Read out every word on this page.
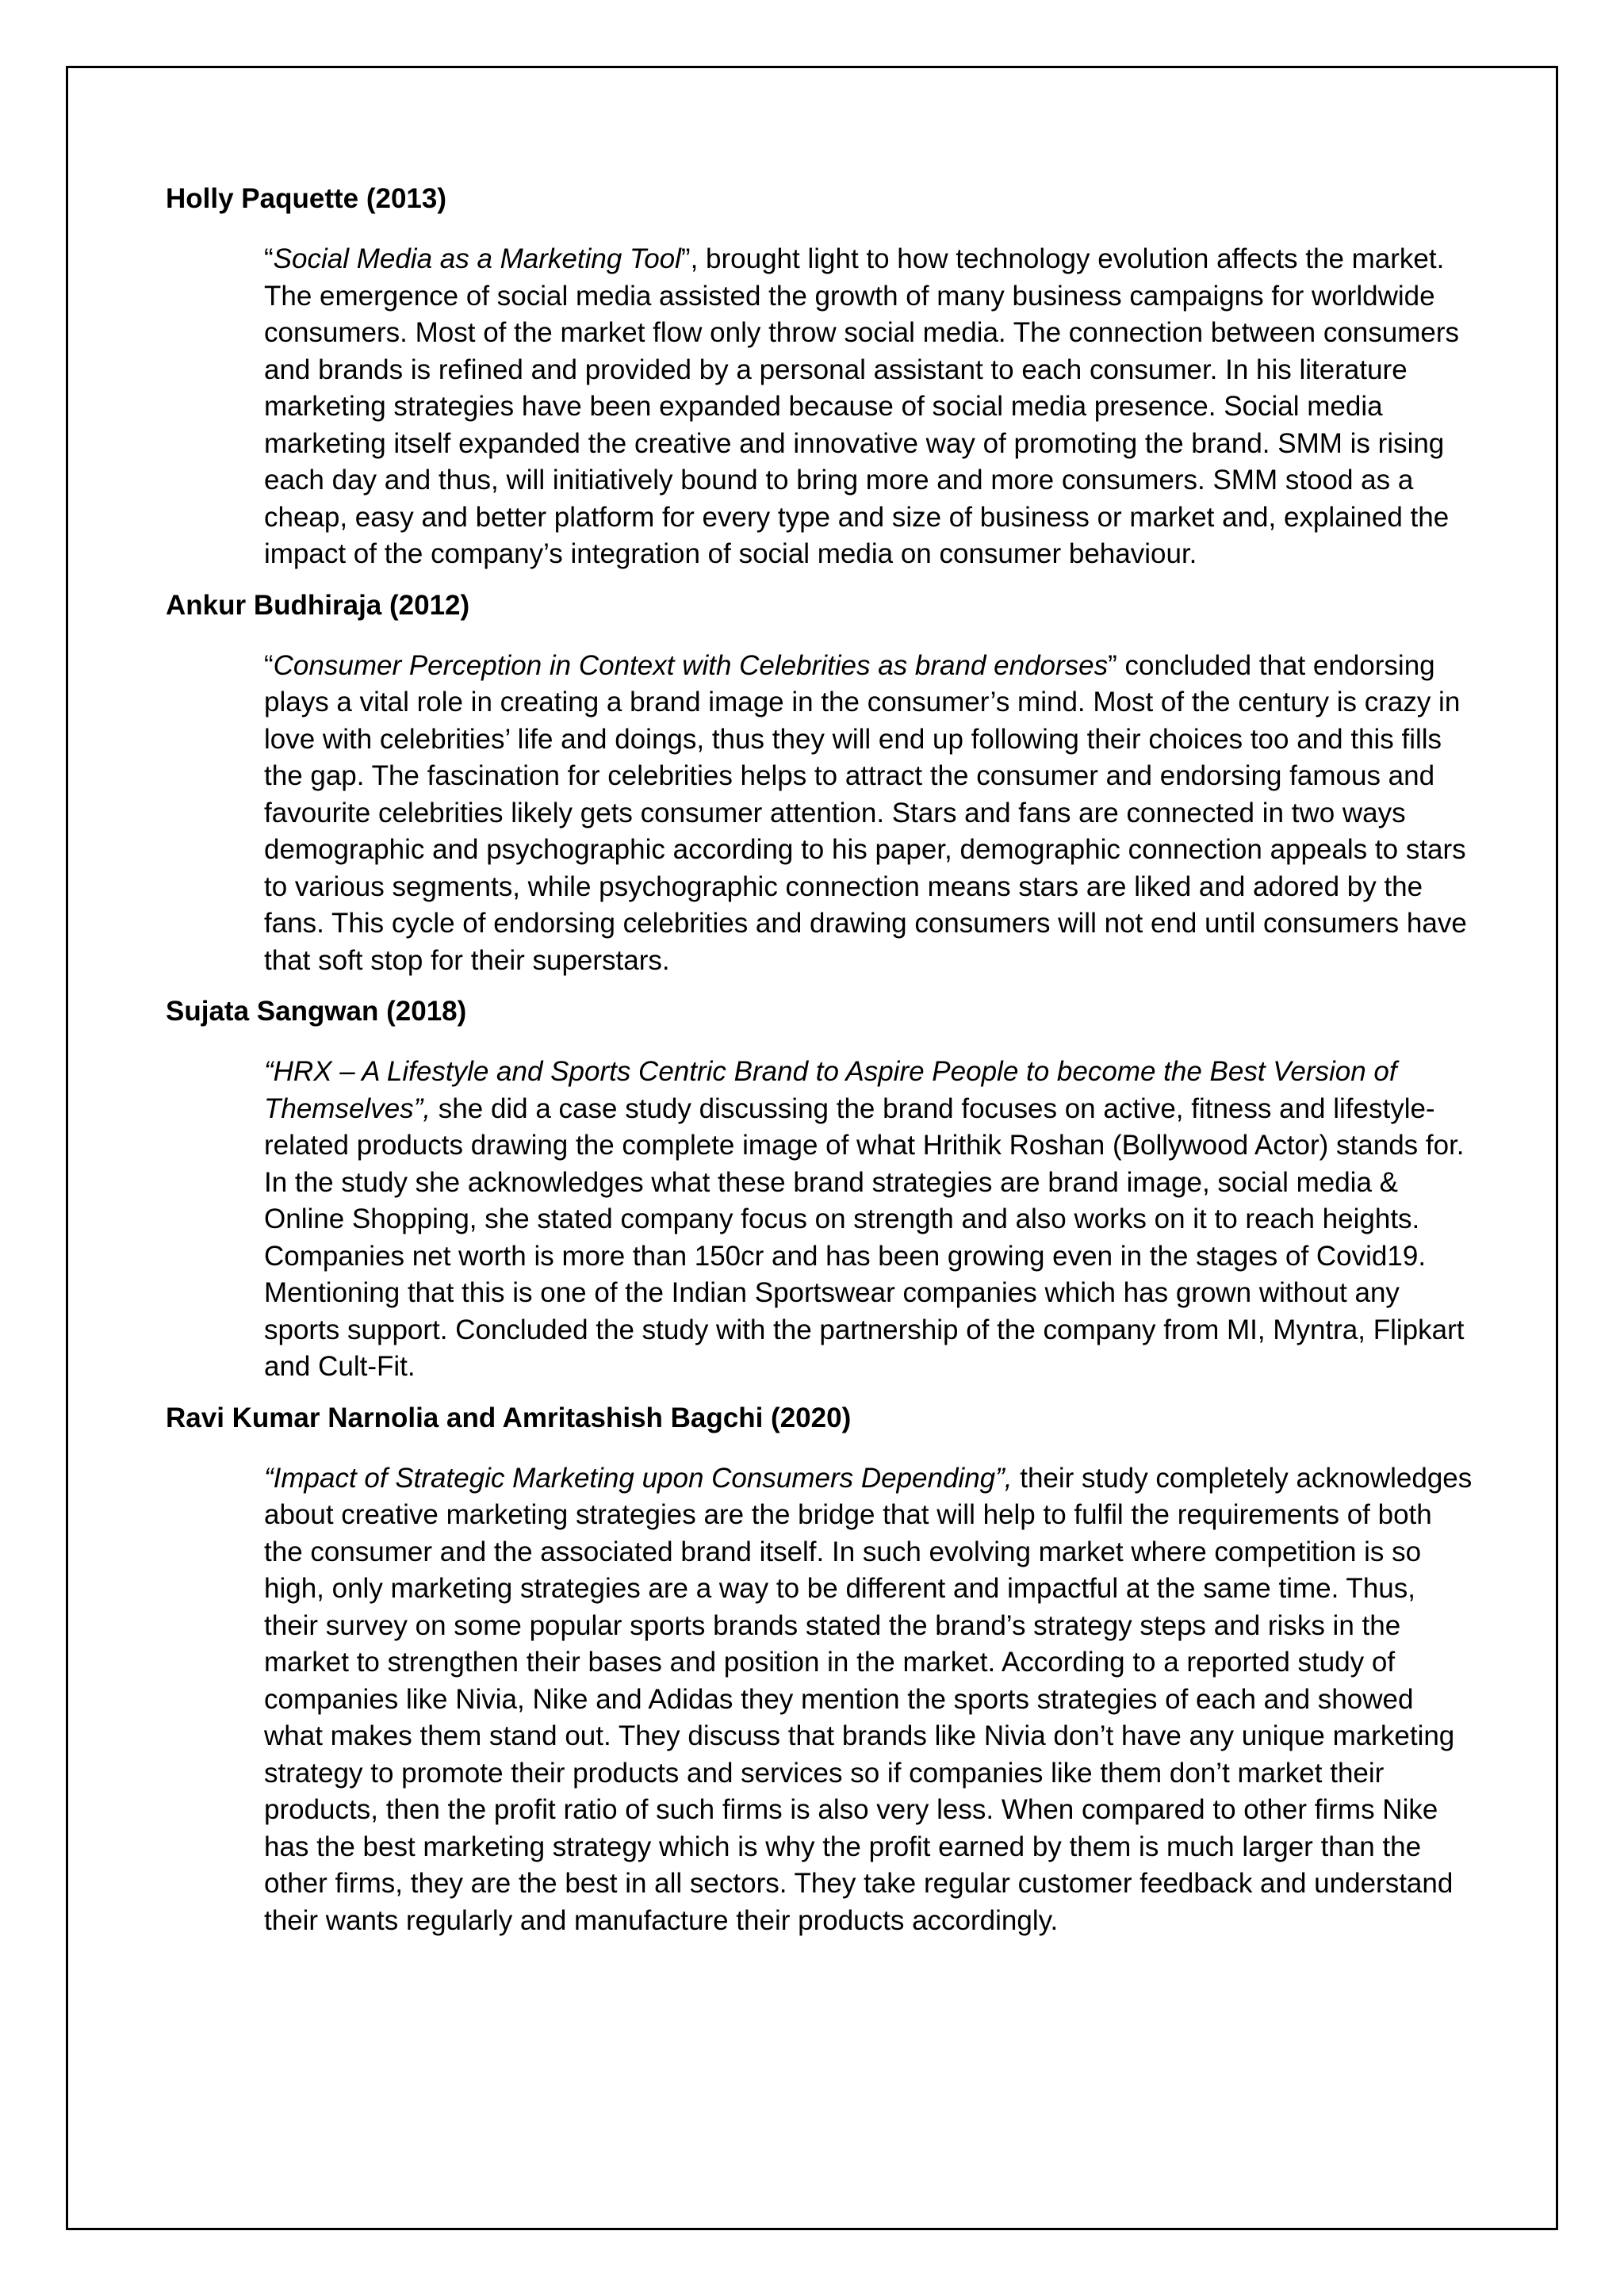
Holly Paquette (2013)

“Social Media as a Marketing Tool”, brought light to how technology evolution affects the market. The emergence of social media assisted the growth of many business campaigns for worldwide consumers. Most of the market flow only throw social media. The connection between consumers and brands is refined and provided by a personal assistant to each consumer. In his literature marketing strategies have been expanded because of social media presence. Social media marketing itself expanded the creative and innovative way of promoting the brand. SMM is rising each day and thus, will initiatively bound to bring more and more consumers. SMM stood as a cheap, easy and better platform for every type and size of business or market and, explained the impact of the company’s integration of social media on consumer behaviour.

Ankur Budhiraja (2012)

“Consumer Perception in Context with Celebrities as brand endorses” concluded that endorsing plays a vital role in creating a brand image in the consumer’s mind. Most of the century is crazy in love with celebrities’ life and doings, thus they will end up following their choices too and this fills the gap. The fascination for celebrities helps to attract the consumer and endorsing famous and favourite celebrities likely gets consumer attention. Stars and fans are connected in two ways demographic and psychographic according to his paper, demographic connection appeals to stars to various segments, while psychographic connection means stars are liked and adored by the fans. This cycle of endorsing celebrities and drawing consumers will not end until consumers have that soft stop for their superstars.

Sujata Sangwan (2018)

“HRX – A Lifestyle and Sports Centric Brand to Aspire People to become the Best Version of Themselves”, she did a case study discussing the brand focuses on active, fitness and lifestyle-related products drawing the complete image of what Hrithik Roshan (Bollywood Actor) stands for. In the study she acknowledges what these brand strategies are brand image, social media & Online Shopping, she stated company focus on strength and also works on it to reach heights. Companies net worth is more than 150cr and has been growing even in the stages of Covid19. Mentioning that this is one of the Indian Sportswear companies which has grown without any sports support. Concluded the study with the partnership of the company from MI, Myntra, Flipkart and Cult-Fit.

Ravi Kumar Narnolia and Amritashish Bagchi (2020)

“Impact of Strategic Marketing upon Consumers Depending”, their study completely acknowledges about creative marketing strategies are the bridge that will help to fulfil the requirements of both the consumer and the associated brand itself. In such evolving market where competition is so high, only marketing strategies are a way to be different and impactful at the same time. Thus, their survey on some popular sports brands stated the brand’s strategy steps and risks in the market to strengthen their bases and position in the market. According to a reported study of companies like Nivia, Nike and Adidas they mention the sports strategies of each and showed what makes them stand out. They discuss that brands like Nivia don’t have any unique marketing strategy to promote their products and services so if companies like them don’t market their products, then the profit ratio of such firms is also very less. When compared to other firms Nike has the best marketing strategy which is why the profit earned by them is much larger than the other firms, they are the best in all sectors. They take regular customer feedback and understand their wants regularly and manufacture their products accordingly.
